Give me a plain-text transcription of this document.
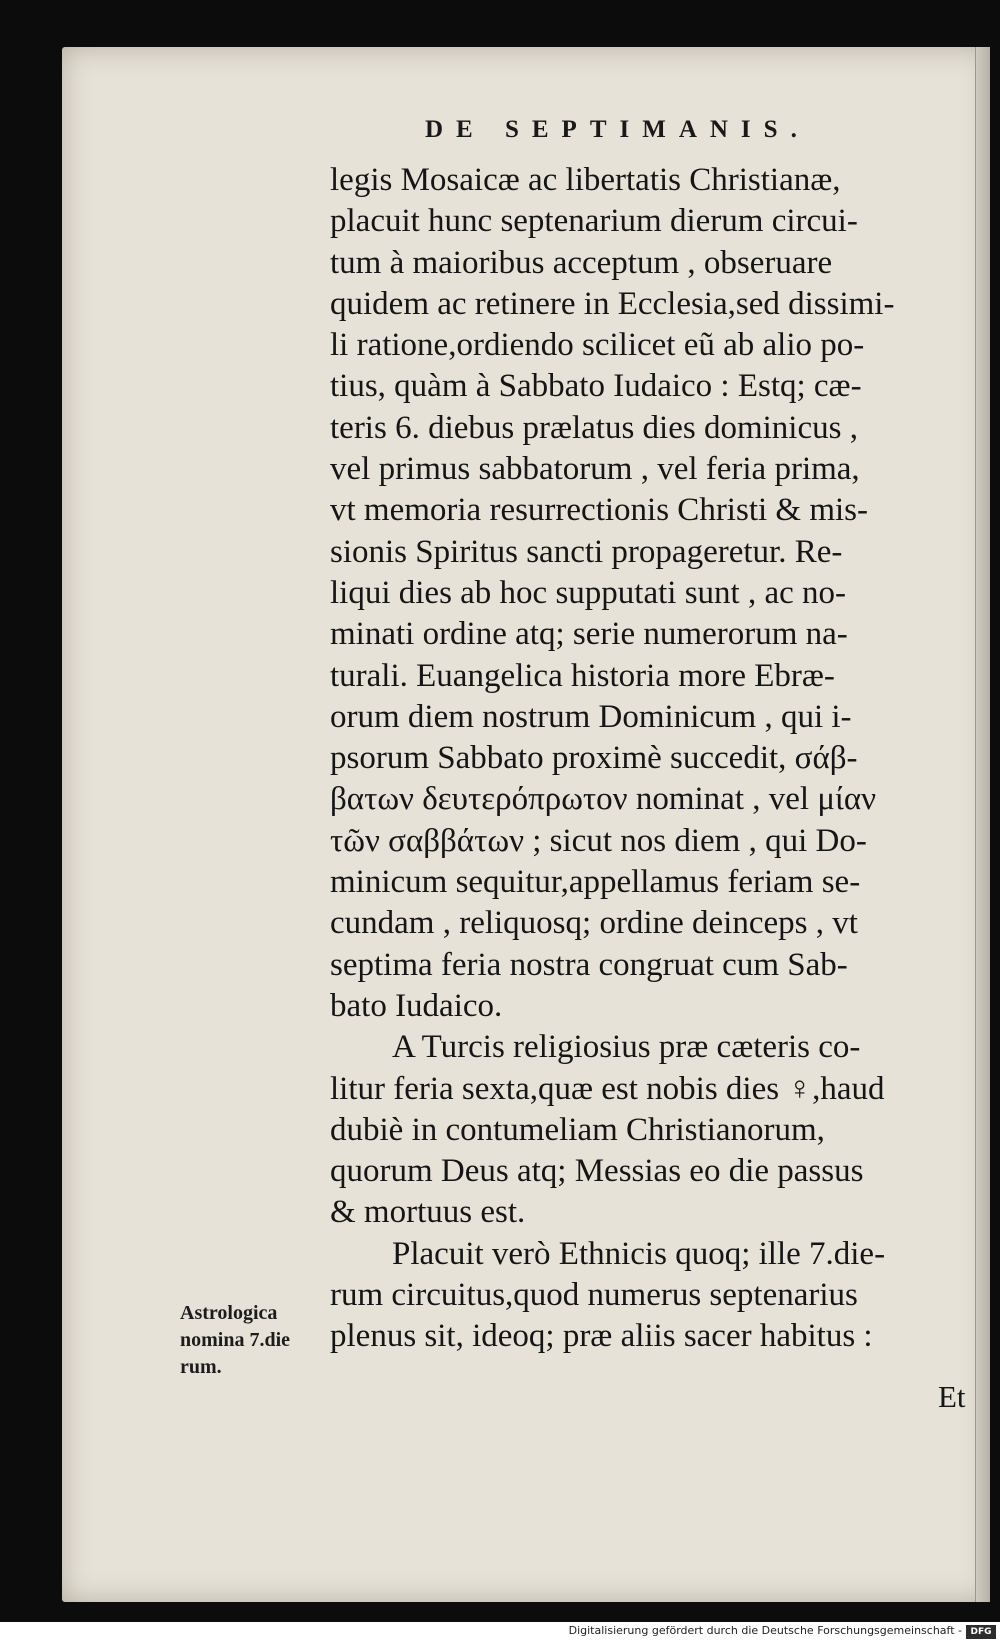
DE SEPTIMANIS.

legis Mosaicæ ac libertatis Christianæ,
placuit hunc septenarium dierum circui-
tum à maioribus acceptum , obseruare
quidem ac retinere in Ecclesia,sed dissimi-
li ratione,ordiendo scilicet eũ ab alio po-
tius, quàm à Sabbato Iudaico : Estq; cæ-
teris 6. diebus prælatus dies dominicus ,
vel primus sabbatorum , vel feria prima,
vt memoria resurrectionis Christi & mis-
sionis Spiritus sancti propageretur. Re-
liqui dies ab hoc supputati sunt , ac no-
minati ordine atq; serie numerorum na-
turali. Euangelica historia more Ebræ-
orum diem nostrum Dominicum , qui i-
psorum Sabbato proximè succedit, σάβ-
βατων δευτερόπρωτον nominat , vel μίαν
τῶν σαββάτων ; sicut nos diem , qui Do-
minicum sequitur,appellamus feriam se-
cundam , reliquosq; ordine deinceps , vt
septima feria nostra congruat cum Sab-
bato Iudaico.
A Turcis religiosius præ cæteris co-
litur feria sexta,quæ est nobis dies ♀,haud
dubiè in contumeliam Christianorum,
quorum Deus atq; Messias eo die passus
& mortuus est.
Placuit verò Ethnicis quoq; ille 7.die-
rum circuitus,quod numerus septenarius
plenus sit, ideoq; præ aliis sacer habitus :
Astrologica
nomina 7.die
rum.

Et

Digitalisierung gefördert durch die Deutsche Forschungsgemeinschaft - DFG
